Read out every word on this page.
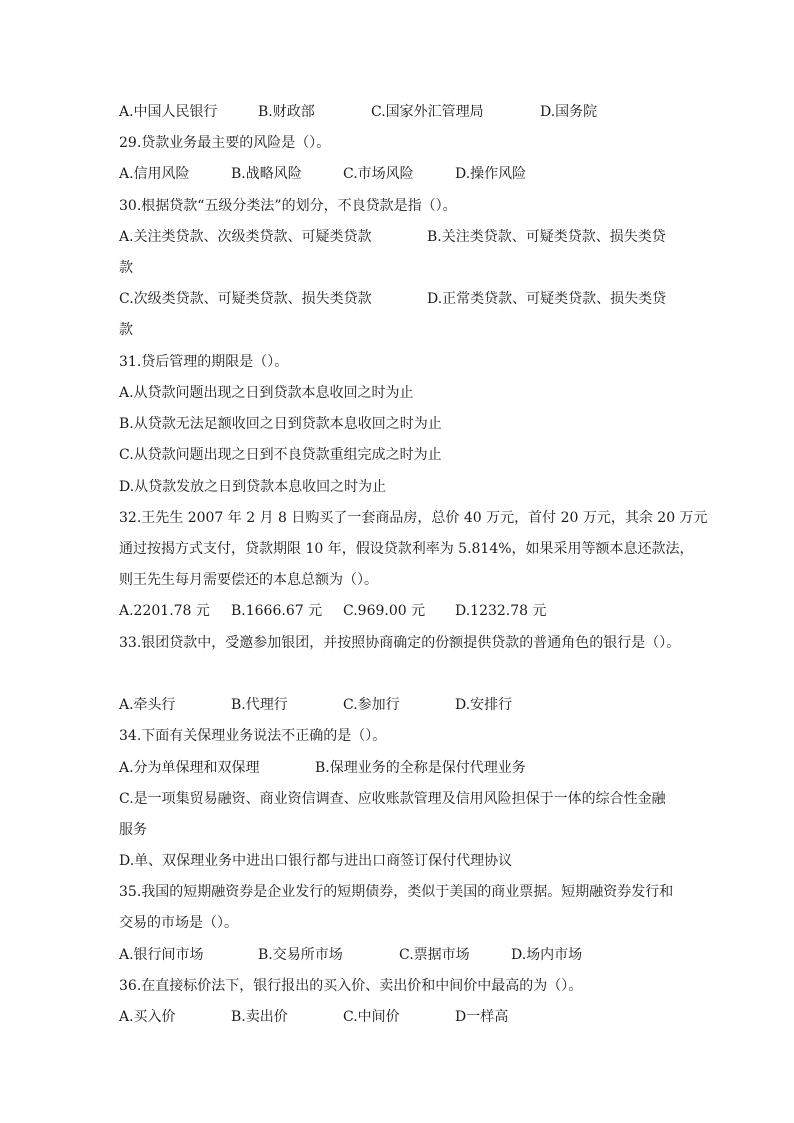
A.中国人民银行	B.财政部	C.国家外汇管理局	D.国务院
29.贷款业务最主要的风险是（）。
A.信用风险	B.战略风险	C.市场风险	D.操作风险
30.根据贷款“五级分类法”的划分，不良贷款是指（）。
A.关注类贷款、次级类贷款、可疑类贷款	B.关注类贷款、可疑类贷款、损失类贷
款
C.次级类贷款、可疑类贷款、损失类贷款	D.正常类贷款、可疑类贷款、损失类贷
款
31.贷后管理的期限是（）。
A.从贷款问题出现之日到贷款本息收回之时为止
B.从贷款无法足额收回之日到贷款本息收回之时为止
C.从贷款问题出现之日到不良贷款重组完成之时为止
D.从贷款发放之日到贷款本息收回之时为止
32.王先生 2007 年 2 月 8 日购买了一套商品房，总价 40 万元，首付 20 万元，其余 20 万元
通过按揭方式支付，贷款期限 10 年，假设贷款利率为 5.814%，如果采用等额本息还款法，
则王先生每月需要偿还的本息总额为（）。
A.2201.78 元 B.1666.67 元 C.969.00 元 D.1232.78 元
33.银团贷款中，受邀参加银团，并按照协商确定的份额提供贷款的普通角色的银行是（）。
A.牵头行	B.代理行	C.参加行	D.安排行
34.下面有关保理业务说法不正确的是（）。
A.分为单保理和双保理	B.保理业务的全称是保付代理业务
C.是一项集贸易融资、商业资信调查、应收账款管理及信用风险担保于一体的综合性金融
服务
D.单、双保理业务中进出口银行都与进出口商签订保付代理协议
35.我国的短期融资券是企业发行的短期债券，类似于美国的商业票据。短期融资券发行和
交易的市场是（）。
A.银行间市场	B.交易所市场	C.票据市场	D.场内市场
36.在直接标价法下，银行报出的买入价、卖出价和中间价中最高的为（）。
A.买入价	B.卖出价	C.中间价	D一样高
